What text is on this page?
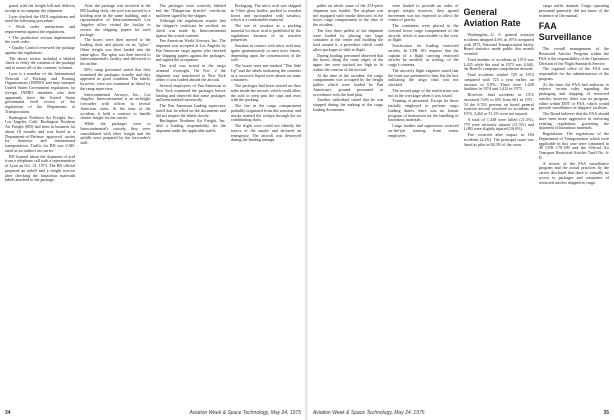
pared with the freight bill and delivery receipt to accompany the shipment.

Lyon checked the IATA regulations and used the following procedure:

• Work order instructions and requirements against the regulations.

• The production section implemented the work order.

• Quality Control reviewed the package against the regulations.

The above review included a labeled check to verify the contents of the package and to assure all of the contents' volumes.

Lyon is a member of the International Network of Packing and Routing Organizations (INPRO) and may interpret United States Government regulations for foreign INPRO members who then apparently have the United States government level review of the regulations of the Department of Transportation.

Burlington Northern Air Freight, Inc., Los Angeles, Calif. Burlington Northern Air Freight (BN) had been in business for about 18 months and was listed as a Department-of-Defense approved carrier for domestic and international transportation. Traffic for BN was CAB-rated as an indirect air carrier.

BN learned about the shipment of acid from a telephone call with a representative of Lyon on Oct. 31, 1973. The BN official prepared an airbill and a freight invoice after checking the hazardous materials labels attached to the package.

After the package was received at the BN loading dock, the acid was moved to a holding area in the same building, and a representative of Intercontinental's Los Angeles office visited the facility to review the shipping papers for each package.

The boxes were then moved to the loading dock and placed on an "igloo." Other freight was then loaded into the same igloo. The igloo was then moved to Intercontinental's facility and delivered to the airline.

BN's ramp personnel stated that they examined the packages visually and they appeared in good condition. The labels, however, were not examined in detail by the ramp supervisor.

Intercontinental Airways, Inc., Los Angeles. Intercontinental is an airfreight forwarder with offices in several American cities. At the time of the accident, it held a contract to handle charter freight for the carrier.

While the packages were in Intercontinental's custody, they were consolidated with other freight and the airbills were prepared by the forwarder's staff.

The packages were correctly labeled and the "Dangerous Articles" certificate had been signed by the shipper.

Although the regulations require that the shipper's certificate be verified, no check was made by Intercontinental against the actual contents.

Pan American World Airways, Inc. The shipment was accepted at Los Angeles by Pan American cargo agents who checked the shipping papers against the packages, and signed the acceptance.

The acid was stored in the cargo terminal overnight. On Nov. 2 the shipment was transferred to New York where it was loaded aboard the aircraft.

Several employees of Pan American at New York examined the packages before loading and observed that some packages had been marked incorrectly.

The Pan American loading supervisor stated that he relied on the documents and did not inspect the labels closely.

Burlington Northern Air Freight, Inc. held a loading responsibility for the shipment under the applicable tariffs.

Packaging. The nitric acid was shipped in 5-liter glass bottles, packed in wooden boxes and surrounded with sawdust, which is a combustible material.

The use of sawdust as a packing material for nitric acid is prohibited by the regulations because of its reactive properties.

Sawdust in contact with nitric acid may ignite spontaneously or emit toxic fumes, depending upon the concentration of the acid.

The boxes were not marked "This Side Up" and the labels indicating the contents as a corrosive liquid were absent on some containers.

The packages had been stowed on their sides inside the aircraft, which could allow the acid to seep past the caps and react with the packing.

The fire in the cargo compartment probably originated from this reaction, and smoke entered the cockpit through the air conditioning ducts.

The flight crew could not identify the source of the smoke and declared an emergency. The aircraft was destroyed during the landing attempt.

34	Aviation Week & Space Technology, May 24, 1975

pallet on which some of the 274-piece shipment was loaded. The airplane was not equipped with smoke detectors in the lower cargo compartment at the time of the accident.

The first three pallets of the shipment were loaded by placing one large container at the center and building the load around it, a procedure which could allow packages to shift in flight.

During loading, personnel observed that the boxes along the outer edges of the upper tier were stacked too high to fit within the contour of the aircraft.

At the time of the accident, the cargo compartment was occupied by the freight pallets which were loaded by Pan American's ground personnel in accordance with the load plan.

Another individual stated that he was stopped during the making of the cargo loading documents.

were loaded to provide an order of proper weight; however, they agreed movement was not expected to affect the center of gravity.

The containers were placed in the forward lower cargo compartment of the aircraft, which is inaccessible to the crew in flight.

Notification for loading restricted articles. In CFR 103 requires that the captain of a flight carrying restricted articles be notified, in writing, of the cargo's contents.

The aircraft's flight engineer stated that the form was presented to him, but the box indicating the cargo class was not checked.

The second page of the notification was not in the wreckage when it was found.

Training of personnel. Except for those initially employed to perform cargo loading duties, there was no formal program of instruction for the handling of hazardous materials.

Cargo loaders and supervisors received on-the-job training from senior employees.

General Aviation Rate

Washington—U. S. general aviation accidents dropped 4.6% in 1974 compared with 1973, National Transportation Safety Board statistics made public this month revealed.

Total number of accidents in 1974 was 4,425 while the total in 1973 was 4,640, the Board's computer compilation showed.

Fatal accidents totaled 729 in 1974 compared with 723 a year earlier, an increase of 0.8%. There were 1,438 fatalities in 1974 and 1,412 in 1973.

However, fatal accidents in 1972 increased 5.6% to 695 from 661 in 1971. Of the 6,763 persons on board general aviation aircraft involved in accidents in 1974, 3,463 or 51.2% were not injured.

A total of 1,438 were killed (21.3%), 779 were seriously injured (11.5%) and 1,083 were slightly injured (16.0%).

Fire occurred after impact in 184 accidents (4.2%). The principal cause was listed as pilot in 84.3% of the cases.

cargo traffic manual. Cargo operating personnel generally did not know of the existence of the manual.

FAA Surveillance

The overall management of the Restricted Articles Program within the FAA is the responsibility of the Operations Division of the Flight Standards Service.

The regional office of the FAA was responsible for the administration of the program.

At the time, the FAA had authority to enforce certain rules regarding the packaging and shipping of restricted articles; however, there was no program, either within DOT or FAA, which would provide surveillance of shippers' facilities.

The Board believes that the FAA should have been more aggressive in enforcing existing regulations governing the shipment of hazardous materials.

Regulations. The regulations of the Department of Transportation which were applicable in this case were contained in 49 CFR 170-189 and the Official Air Transport Restricted Articles Tariff No. 6-D.

A review of the FAA surveillance program and the actual practices by the carrier disclosed that there is virtually no access to packages and containers of restricted articles shipped as cargo.

Aviation Week & Space Technology, May 24, 1975	35
